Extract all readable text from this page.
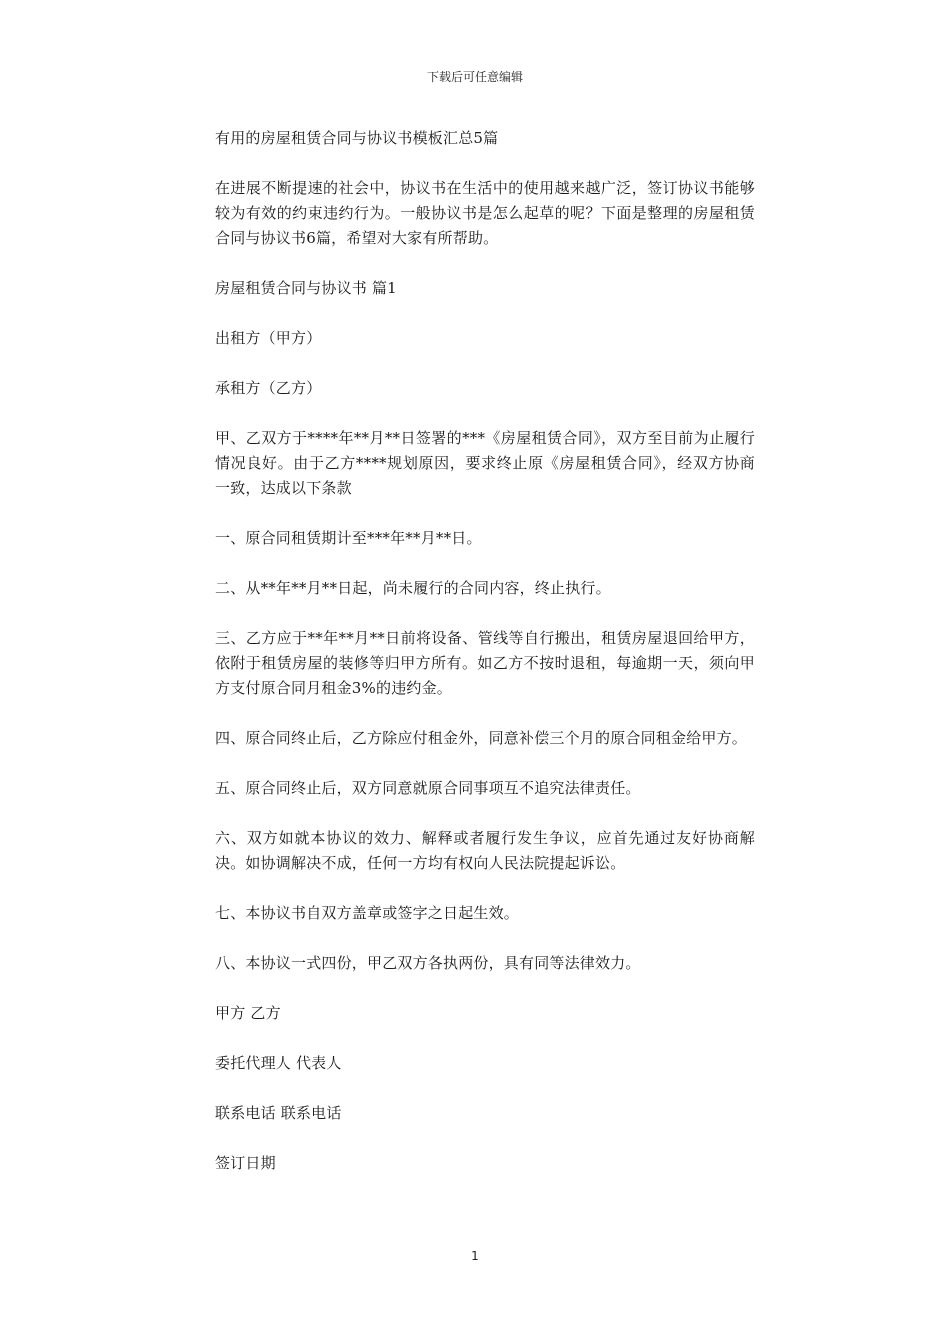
下载后可任意编辑

有用的房屋租赁合同与协议书模板汇总5篇

在进展不断提速的社会中，协议书在生活中的使用越来越广泛，签订协议书能够较为有效的约束违约行为。一般协议书是怎么起草的呢？下面是整理的房屋租赁合同与协议书6篇，希望对大家有所帮助。

房屋租赁合同与协议书 篇1

出租方（甲方）

承租方（乙方）

甲、乙双方于****年**月**日签署的***《房屋租赁合同》，双方至目前为止履行情况良好。由于乙方****规划原因，要求终止原《房屋租赁合同》，经双方协商一致，达成以下条款

一、原合同租赁期计至***年**月**日。

二、从**年**月**日起，尚未履行的合同内容，终止执行。

三、乙方应于**年**月**日前将设备、管线等自行搬出，租赁房屋退回给甲方，依附于租赁房屋的装修等归甲方所有。如乙方不按时退租，每逾期一天，须向甲方支付原合同月租金3%的违约金。

四、原合同终止后，乙方除应付租金外，同意补偿三个月的原合同租金给甲方。

五、原合同终止后，双方同意就原合同事项互不追究法律责任。

六、双方如就本协议的效力、解释或者履行发生争议，应首先通过友好协商解决。如协调解决不成，任何一方均有权向人民法院提起诉讼。

七、本协议书自双方盖章或签字之日起生效。

八、本协议一式四份，甲乙双方各执两份，具有同等法律效力。

甲方 乙方

委托代理人 代表人

联系电话 联系电话

签订日期

1
